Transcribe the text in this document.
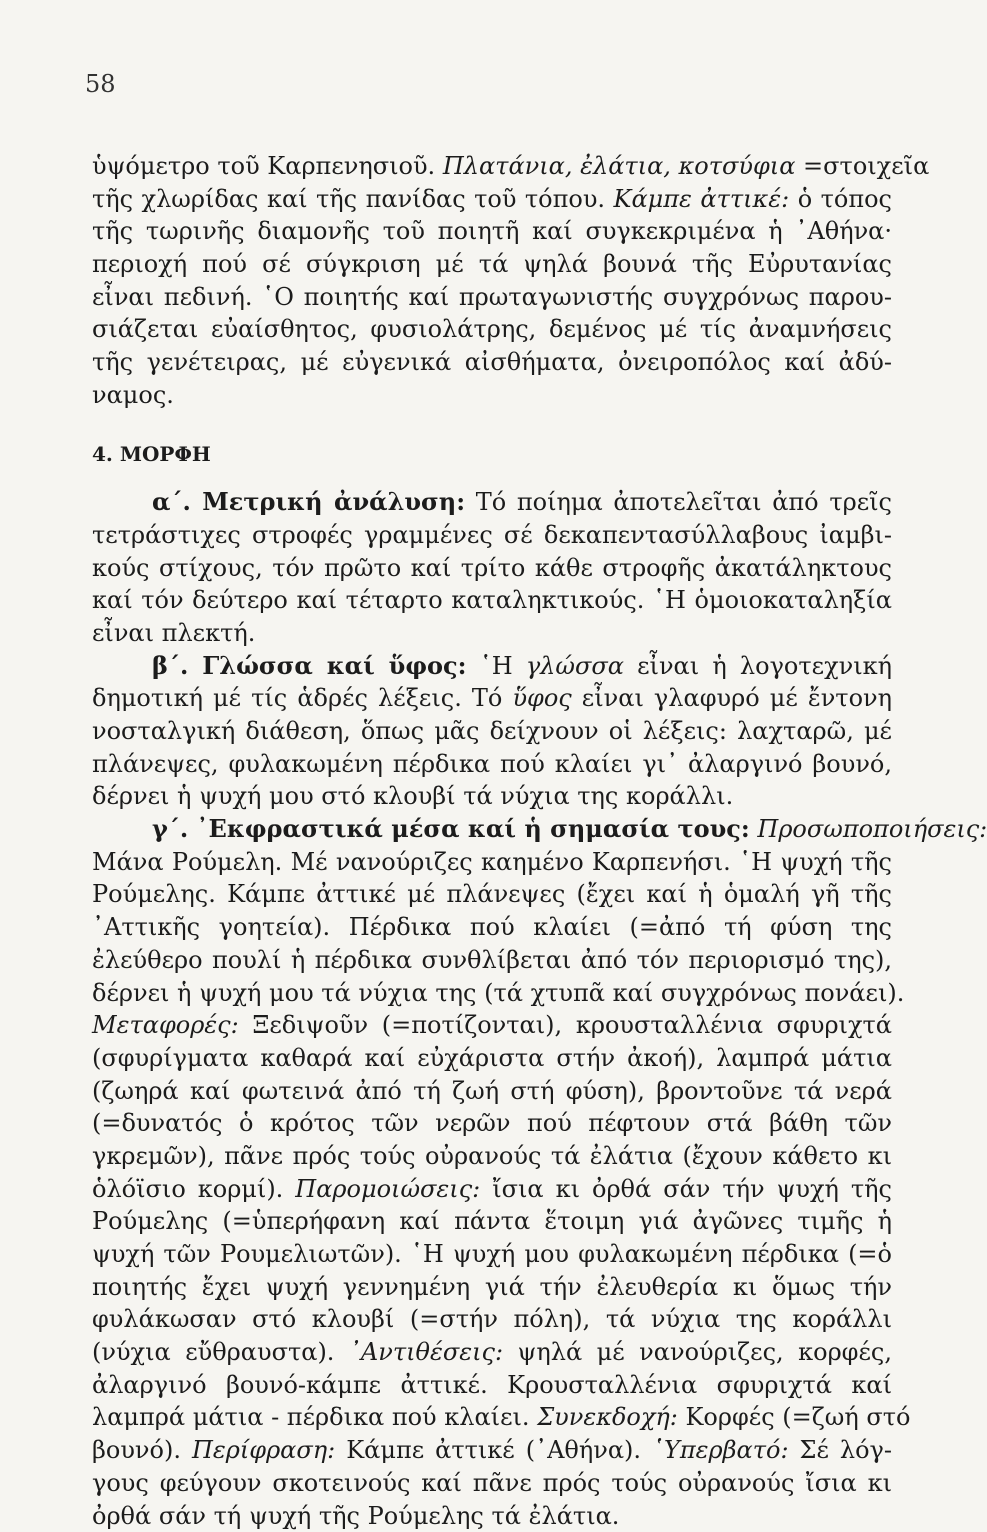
58
ὑψόμετρο τοῦ Καρπενησιοῦ. Πλατάνια, ἐλάτια, κοτσύφια =στοιχεῖα
τῆς χλωρίδας καί τῆς πανίδας τοῦ τόπου. Κάμπε ἀττικέ: ὁ τόπος
τῆς τωρινῆς διαμονῆς τοῦ ποιητῆ καί συγκεκριμένα ἡ ᾿Αθήνα·
περιοχή πού σέ σύγκριση μέ τά ψηλά βουνά τῆς Εὐρυτανίας
εἶναι πεδινή. ῾Ο ποιητής καί πρωταγωνιστής συγχρόνως παρου-
σιάζεται εὐαίσθητος, φυσιολάτρης, δεμένος μέ τίς ἀναμνήσεις
τῆς γενέτειρας, μέ εὐγενικά αἰσθήματα, ὀνειροπόλος καί ἀδύ-
ναμος.
4. ΜΟΡΦΗ
α΄. Μετρική ἀνάλυση: Τό ποίημα ἀποτελεῖται ἀπό τρεῖς
τετράστιχες στροφές γραμμένες σέ δεκαπεντασύλλαβους ἰαμβι-
κούς στίχους, τόν πρῶτο καί τρίτο κάθε στροφῆς ἀκατάληκτους
καί τόν δεύτερο καί τέταρτο καταληκτικούς. ῾Η ὁμοιοκαταληξία
εἶναι πλεκτή.
β΄. Γλώσσα καί ὕφος: ῾Η γλώσσα εἶναι ἡ λογοτεχνική
δημοτική μέ τίς ἁδρές λέξεις. Τό ὕφος εἶναι γλαφυρό μέ ἔντονη
νοσταλγική διάθεση, ὅπως μᾶς δείχνουν οἱ λέξεις: λαχταρῶ, μέ
πλάνεψες, φυλακωμένη πέρδικα πού κλαίει γι᾿ ἀλαργινό βουνό,
δέρνει ἡ ψυχή μου στό κλουβί τά νύχια της κοράλλι.
γ΄. ᾿Εκφραστικά μέσα καί ἡ σημασία τους: Προσωποποιήσεις:
Μάνα Ρούμελη. Μέ νανούριζες καημένο Καρπενήσι. ῾Η ψυχή τῆς
Ρούμελης. Κάμπε ἀττικέ μέ πλάνεψες (ἔχει καί ἡ ὁμαλή γῆ τῆς
᾿Αττικῆς γοητεία). Πέρδικα πού κλαίει (=ἀπό τή φύση της
ἐλεύθερο πουλί ἡ πέρδικα συνθλίβεται ἀπό τόν περιορισμό της),
δέρνει ἡ ψυχή μου τά νύχια της (τά χτυπᾶ καί συγχρόνως πονάει).
Μεταφορές: Ξεδιψοῦν (=ποτίζονται), κρουσταλλένια σφυριχτά
(σφυρίγματα καθαρά καί εὐχάριστα στήν ἀκοή), λαμπρά μάτια
(ζωηρά καί φωτεινά ἀπό τή ζωή στή φύση), βροντοῦνε τά νερά
(=δυνατός ὁ κρότος τῶν νερῶν πού πέφτουν στά βάθη τῶν
γκρεμῶν), πᾶνε πρός τούς οὐρανούς τά ἐλάτια (ἔχουν κάθετο κι
ὁλόϊσιο κορμί). Παρομοιώσεις: ἴσια κι ὀρθά σάν τήν ψυχή τῆς
Ρούμελης (=ὑπερήφανη καί πάντα ἕτοιμη γιά ἀγῶνες τιμῆς ἡ
ψυχή τῶν Ρουμελιωτῶν). ῾Η ψυχή μου φυλακωμένη πέρδικα (=ὁ
ποιητής ἔχει ψυχή γεννημένη γιά τήν ἐλευθερία κι ὅμως τήν
φυλάκωσαν στό κλουβί (=στήν πόλη), τά νύχια της κοράλλι
(νύχια εὔθραυστα). ᾿Αντιθέσεις: ψηλά μέ νανούριζες, κορφές,
ἀλαργινό βουνό-κάμπε ἀττικέ. Κρουσταλλένια σφυριχτά καί
λαμπρά μάτια - πέρδικα πού κλαίει. Συνεκδοχή: Κορφές (=ζωή στό
βουνό). Περίφραση: Κάμπε ἀττικέ (᾿Αθήνα). ῾Υπερβατό: Σέ λόγ-
γους φεύγουν σκοτεινούς καί πᾶνε πρός τούς οὐρανούς ἴσια κι
ὀρθά σάν τή ψυχή τῆς Ρούμελης τά ἐλάτια.
